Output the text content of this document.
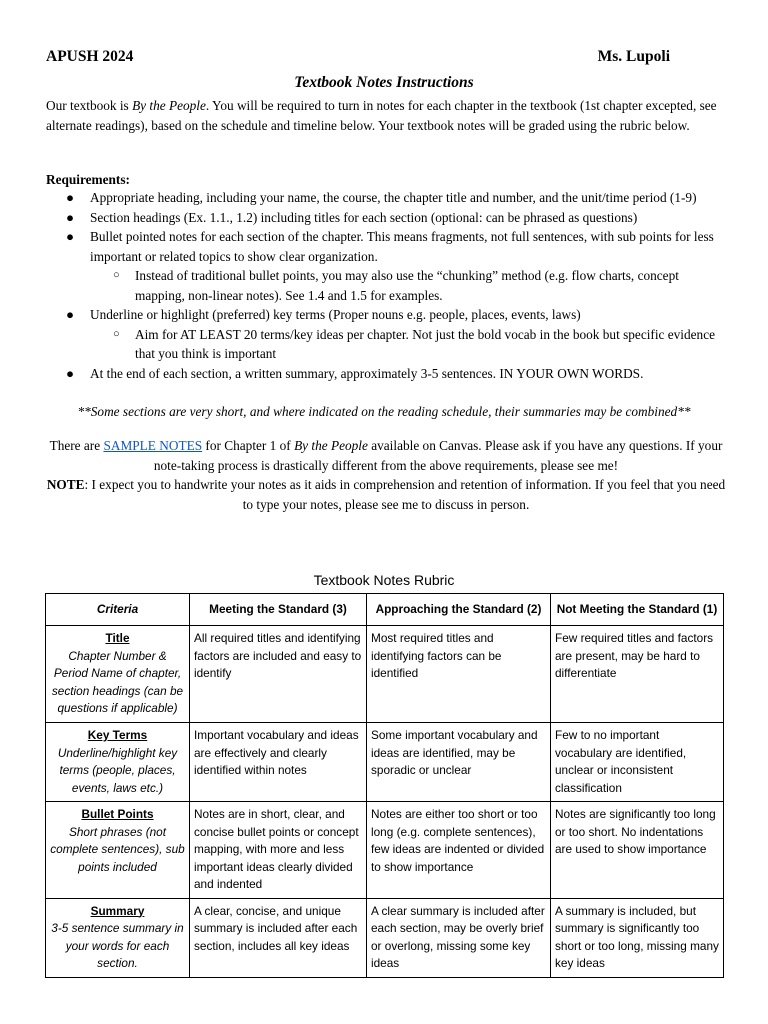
APUSH 2024	Ms. Lupoli
Textbook Notes Instructions
Our textbook is By the People. You will be required to turn in notes for each chapter in the textbook (1st chapter excepted, see alternate readings), based on the schedule and timeline below. Your textbook notes will be graded using the rubric below.
Requirements:
● Appropriate heading, including your name, the course, the chapter title and number, and the unit/time period (1-9)
● Section headings (Ex. 1.1., 1.2) including titles for each section (optional: can be phrased as questions)
● Bullet pointed notes for each section of the chapter. This means fragments, not full sentences, with sub points for less important or related topics to show clear organization.
○ Instead of traditional bullet points, you may also use the “chunking” method (e.g. flow charts, concept mapping, non-linear notes). See 1.4 and 1.5 for examples.
● Underline or highlight (preferred) key terms (Proper nouns e.g. people, places, events, laws)
○ Aim for AT LEAST 20 terms/key ideas per chapter. Not just the bold vocab in the book but specific evidence that you think is important
● At the end of each section, a written summary, approximately 3-5 sentences. IN YOUR OWN WORDS.
**Some sections are very short, and where indicated on the reading schedule, their summaries may be combined**
There are SAMPLE NOTES for Chapter 1 of By the People available on Canvas. Please ask if you have any questions. If your note-taking process is drastically different from the above requirements, please see me!
NOTE: I expect you to handwrite your notes as it aids in comprehension and retention of information. If you feel that you need to type your notes, please see me to discuss in person.
Textbook Notes Rubric
Criteria	Meeting the Standard (3)	Approaching the Standard (2)	Not Meeting the Standard (1)

Title
Chapter Number & Period Name of chapter, section headings (can be questions if applicable)	All required titles and identifying factors are included and easy to identify	Most required titles and identifying factors can be identified	Few required titles and factors are present, may be hard to differentiate

Key Terms
Underline/highlight key terms (people, places, events, laws etc.)	Important vocabulary and ideas are effectively and clearly identified within notes	Some important vocabulary and ideas are identified, may be sporadic or unclear	Few to no important vocabulary are identified, unclear or inconsistent classification

Bullet Points
Short phrases (not complete sentences), sub points included	Notes are in short, clear, and concise bullet points or concept mapping, with more and less important ideas clearly divided and indented	Notes are either too short or too long (e.g. complete sentences), few ideas are indented or divided to show importance	Notes are significantly too long or too short. No indentations are used to show importance

Summary
3-5 sentence summary in your words for each section.	A clear, concise, and unique summary is included after each section, includes all key ideas	A clear summary is included after each section, may be overly brief or overlong, missing some key ideas	A summary is included, but summary is significantly too short or too long, missing many key ideas
